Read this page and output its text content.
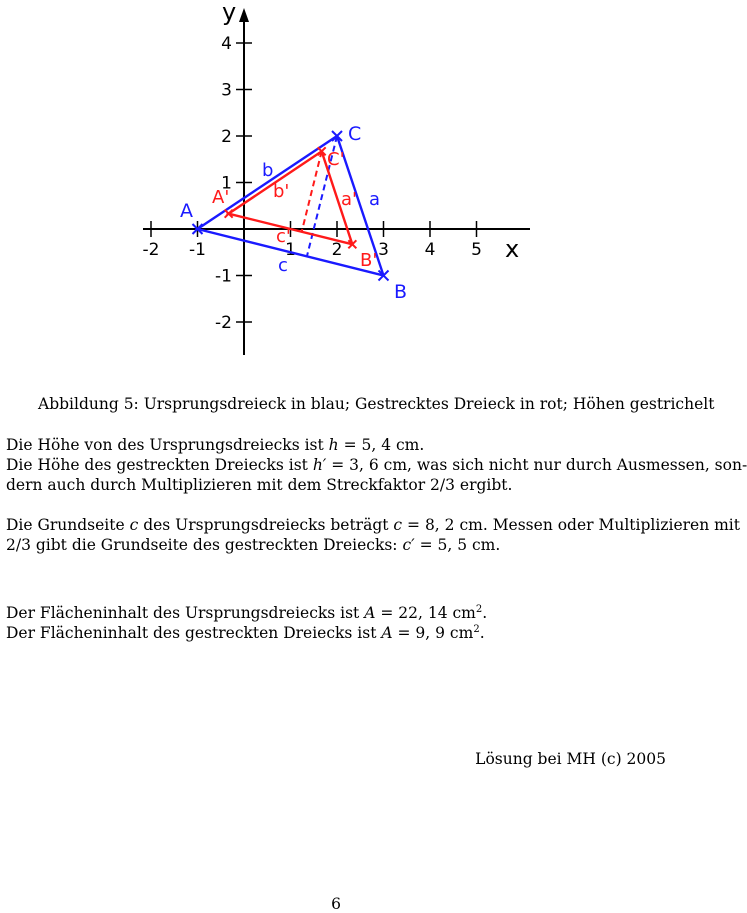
x
y
-2 -1	1 2 3 4 5
4
3
2
1
-1
-2
A
B
C
a
b
c
A'
B'
C'
a'
b'
c'
Abbildung 5: Ursprungsdreieck in blau; Gestrecktes Dreieck in rot; Höhen gestrichelt

Die Höhe von des Ursprungsdreiecks ist h = 5, 4 cm.

Die Höhe des gestreckten Dreiecks ist h′ = 3, 6 cm, was sich nicht nur durch Ausmessen, son-

dern auch durch Multiplizieren mit dem Streckfaktor 2/3 ergibt.

Die Grundseite c des Ursprungsdreiecks beträgt c = 8, 2 cm. Messen oder Multiplizieren mit

2/3 gibt die Grundseite des gestreckten Dreiecks: c′ = 5, 5 cm.

Der Flächeninhalt des Ursprungsdreiecks ist A = 22, 14 $cm^2$.

Der Flächeninhalt des gestreckten Dreiecks ist A = 9, 9 $cm^2$.

Lösung bei MH (c) 2005
6
